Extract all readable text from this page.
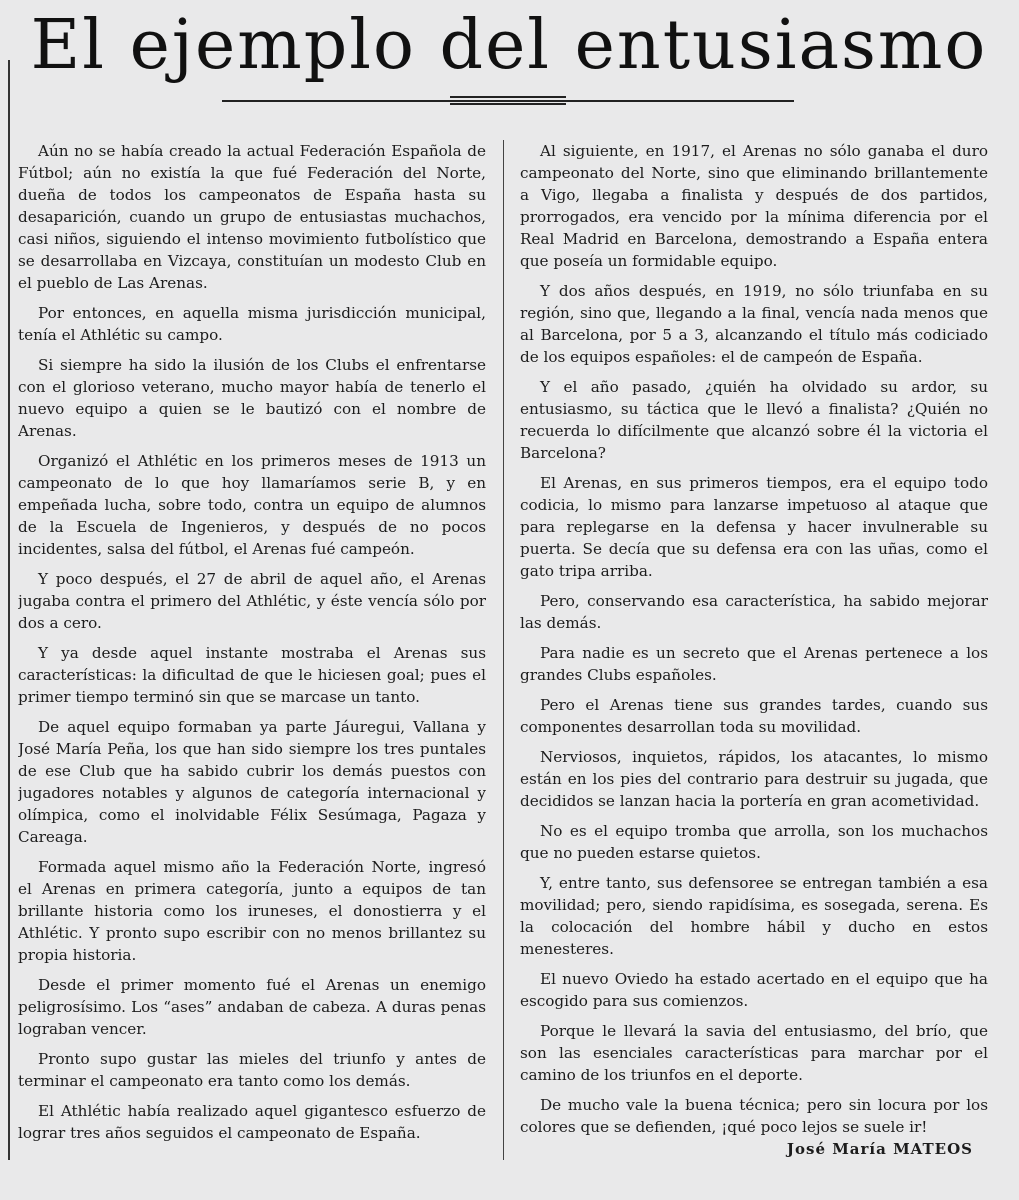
El ejemplo del entusiasmo

Aún no se había creado la actual Federación Española de Fútbol; aún no existía la que fué Federación del Norte, dueña de todos los campeonatos de España hasta su desaparición, cuando un grupo de entusiastas muchachos, casi niños, siguiendo el intenso movimiento futbolístico que se desarrollaba en Vizcaya, constituían un modesto Club en el pueblo de Las Arenas.

Por entonces, en aquella misma jurisdicción municipal, tenía el Athlétic su campo.

Si siempre ha sido la ilusión de los Clubs el enfrentarse con el glorioso veterano, mucho mayor había de tenerlo el nuevo equipo a quien se le bautizó con el nombre de Arenas.

Organizó el Athlétic en los primeros meses de 1913 un campeonato de lo que hoy llamaríamos serie B, y en empeñada lucha, sobre todo, contra un equipo de alumnos de la Escuela de Ingenieros, y después de no pocos incidentes, salsa del fútbol, el Arenas fué campeón.

Y poco después, el 27 de abril de aquel año, el Arenas jugaba contra el primero del Athlétic, y éste vencía sólo por dos a cero.

Y ya desde aquel instante mostraba el Arenas sus características: la dificultad de que le hiciesen goal; pues el primer tiempo terminó sin que se marcase un tanto.

De aquel equipo formaban ya parte Jáuregui, Vallana y José María Peña, los que han sido siempre los tres puntales de ese Club que ha sabido cubrir los demás puestos con jugadores notables y algunos de categoría internacional y olímpica, como el inolvidable Félix Sesúmaga, Pagaza y Careaga.

Formada aquel mismo año la Federación Norte, ingresó el Arenas en primera categoría, junto a equipos de tan brillante historia como los iruneses, el donostierra y el Athlétic. Y pronto supo escribir con no menos brillantez su propia historia.

Desde el primer momento fué el Arenas un enemigo peligrosísimo. Los “ases” andaban de cabeza. A duras penas lograban vencer.

Pronto supo gustar las mieles del triunfo y antes de terminar el campeonato era tanto como los demás.

El Athlétic había realizado aquel gigantesco esfuerzo de lograr tres años seguidos el campeonato de España.

Al siguiente, en 1917, el Arenas no sólo ganaba el duro campeonato del Norte, sino que eliminando brillantemente a Vigo, llegaba a finalista y después de dos partidos, prorrogados, era vencido por la mínima diferencia por el Real Madrid en Barcelona, demostrando a España entera que poseía un formidable equipo.

Y dos años después, en 1919, no sólo triunfaba en su región, sino que, llegando a la final, vencía nada menos que al Barcelona, por 5 a 3, alcanzando el título más codiciado de los equipos españoles: el de campeón de España.

Y el año pasado, ¿quién ha olvidado su ardor, su entusiasmo, su táctica que le llevó a finalista? ¿Quién no recuerda lo difícilmente que alcanzó sobre él la victoria el Barcelona?

El Arenas, en sus primeros tiempos, era el equipo todo codicia, lo mismo para lanzarse impetuoso al ataque que para replegarse en la defensa y hacer invulnerable su puerta. Se decía que su defensa era con las uñas, como el gato tripa arriba.

Pero, conservando esa característica, ha sabido mejorar las demás.

Para nadie es un secreto que el Arenas pertenece a los grandes Clubs españoles.

Pero el Arenas tiene sus grandes tardes, cuando sus componentes desarrollan toda su movilidad.

Nerviosos, inquietos, rápidos, los atacantes, lo mismo están en los pies del contrario para destruir su jugada, que decididos se lanzan hacia la portería en gran acometividad.

No es el equipo tromba que arrolla, son los muchachos que no pueden estarse quietos.

Y, entre tanto, sus defensoree se entregan también a esa movilidad; pero, siendo rapidísima, es sosegada, serena. Es la colocación del hombre hábil y ducho en estos menesteres.

El nuevo Oviedo ha estado acertado en el equipo que ha escogido para sus comienzos.

Porque le llevará la savia del entusiasmo, del brío, que son las esenciales características para marchar por el camino de los triunfos en el deporte.

De mucho vale la buena técnica; pero sin locura por los colores que se defienden, ¡qué poco lejos se suele ir!

José María MATEOS
